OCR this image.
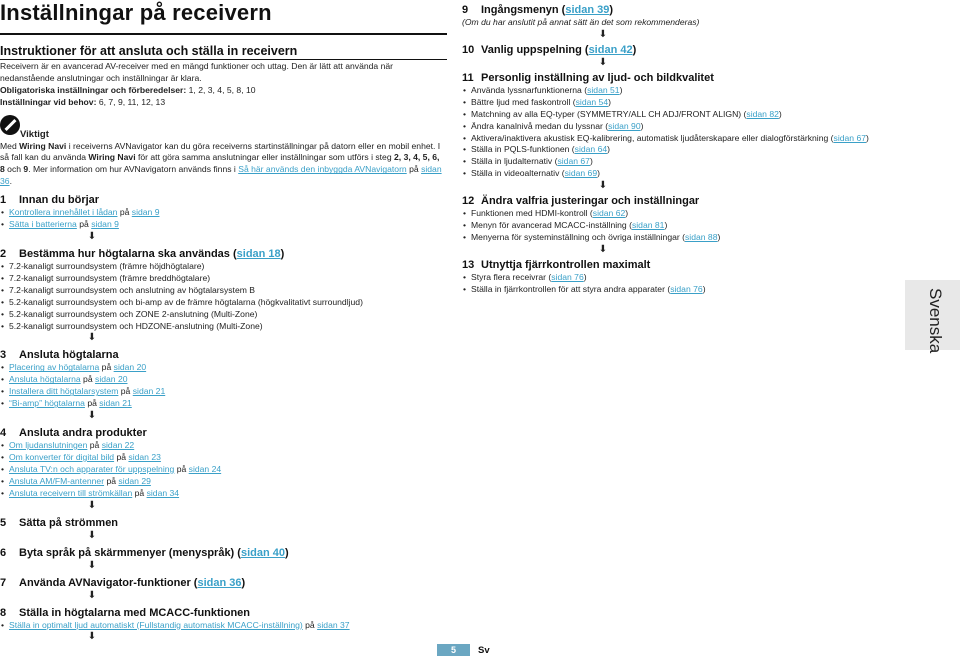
Inställningar på receivern
Instruktioner för att ansluta och ställa in receivern

Receivern är en avancerad AV-receiver med en mängd funktioner och uttag. Den är lätt att använda när nedanstående anslutningar och inställningar är klara.

Obligatoriska inställningar och förberedelser: 1, 2, 3, 4, 5, 8, 10

Inställningar vid behov: 6, 7, 9, 11, 12, 13

Viktigt

Med Wiring Navi i receiverns AVNavigator kan du göra receiverns startinställningar på datorn eller en mobil enhet. I så fall kan du använda Wiring Navi för att göra samma anslutningar eller inställningar som utförs i steg 2, 3, 4, 5, 6, 8 och 9. Mer information om hur AVNavigatorn används finns i Så här används den inbyggda AVNavigatorn på sidan 36.

1 Innan du börjar
• Kontrollera innehållet i lådan på sidan 9
• Sätta i batterierna på sidan 9
⬇
2 Bestämma hur högtalarna ska användas (sidan 18)
• 7.2-kanaligt surroundsystem (främre höjdhögtalare)
• 7.2-kanaligt surroundsystem (främre breddhögtalare)
• 7.2-kanaligt surroundsystem och anslutning av högtalarsystem B
• 5.2-kanaligt surroundsystem och bi-amp av de främre högtalarna (högkvalitativt surroundljud)
• 5.2-kanaligt surroundsystem och ZONE 2-anslutning (Multi-Zone)
• 5.2-kanaligt surroundsystem och HDZONE-anslutning (Multi-Zone)
⬇
3 Ansluta högtalarna
• Placering av högtalarna på sidan 20
• Ansluta högtalarna på sidan 20
• Installera ditt högtalarsystem på sidan 21
• “Bi-amp” högtalarna på sidan 21
⬇
4 Ansluta andra produkter
• Om ljudanslutningen på sidan 22
• Om konverter för digital bild på sidan 23
• Ansluta TV:n och apparater för uppspelning på sidan 24
• Ansluta AM/FM-antenner på sidan 29
• Ansluta receivern till strömkällan på sidan 34
⬇
5 Sätta på strömmen
⬇
6 Byta språk på skärmmenyer (menyspråk) (sidan 40)
⬇
7 Använda AVNavigator-funktioner (sidan 36)
⬇
8 Ställa in högtalarna med MCACC-funktionen
• Ställa in optimalt ljud automatiskt (Fullstandig automatisk MCACC-inställning) på sidan 37
⬇
9 Ingångsmenyn (sidan 39)
(Om du har anslutit på annat sätt än det som rekommenderas)
⬇
10 Vanlig uppspelning (sidan 42)
⬇
11 Personlig inställning av ljud- och bildkvalitet
• Använda lyssnarfunktionerna (sidan 51)
• Bättre ljud med faskontroll (sidan 54)
• Matchning av alla EQ-typer (SYMMETRY/ALL CH ADJ/FRONT ALIGN) (sidan 82)
• Ändra kanalnivå medan du lyssnar (sidan 90)
• Aktivera/inaktivera akustisk EQ-kalibrering, automatisk ljudåterskapare eller dialogförstärkning (sidan 67)
• Ställa in PQLS-funktionen (sidan 64)
• Ställa in ljudalternativ (sidan 67)
• Ställa in videoalternativ (sidan 69)
⬇
12 Ändra valfria justeringar och inställningar
• Funktionen med HDMI-kontroll (sidan 62)
• Menyn för avancerad MCACC-inställning (sidan 81)
• Menyerna för systeminställning och övriga inställningar (sidan 88)
⬇
13 Utnyttja fjärrkontrollen maximalt
• Styra flera receivrar (sidan 76)
• Ställa in fjärrkontrollen för att styra andra apparater (sidan 76)	Svenska
5	Sv
